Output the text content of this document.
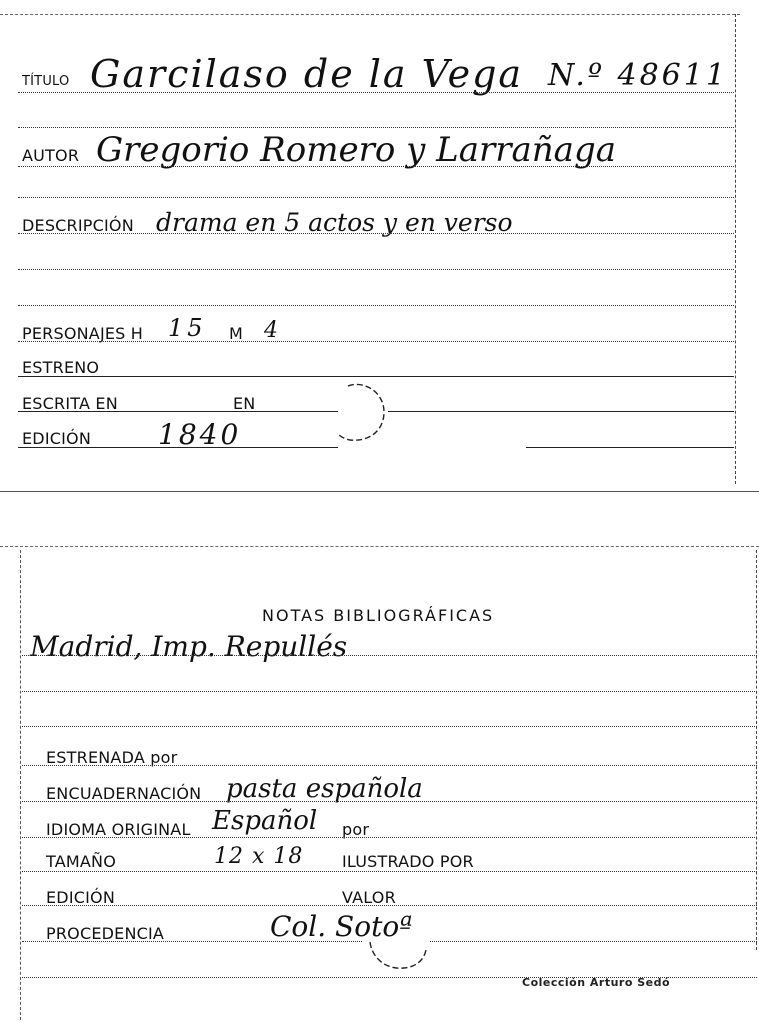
TÍTULO Garcilaso de la Vega N.º 48611
AUTOR Gregorio Romero y Larrañaga
DESCRIPCIÓN drama en 5 actos y en verso
PERSONAJES H 15 M 4
ESTRENO
ESCRITA EN	EN
EDICIÓN 1840
NOTAS BIBLIOGRÁFICAS
Madrid, Imp. Repullés
ESTRENADA por
ENCUADERNACIÓN pasta española
IDIOMA ORIGINAL Español por
TAMAÑO	12 x 18 ILUSTRADO POR
EDICIÓN	VALOR
PROCEDENCIA	Col. Sotoª
Colección Arturo Sedó
